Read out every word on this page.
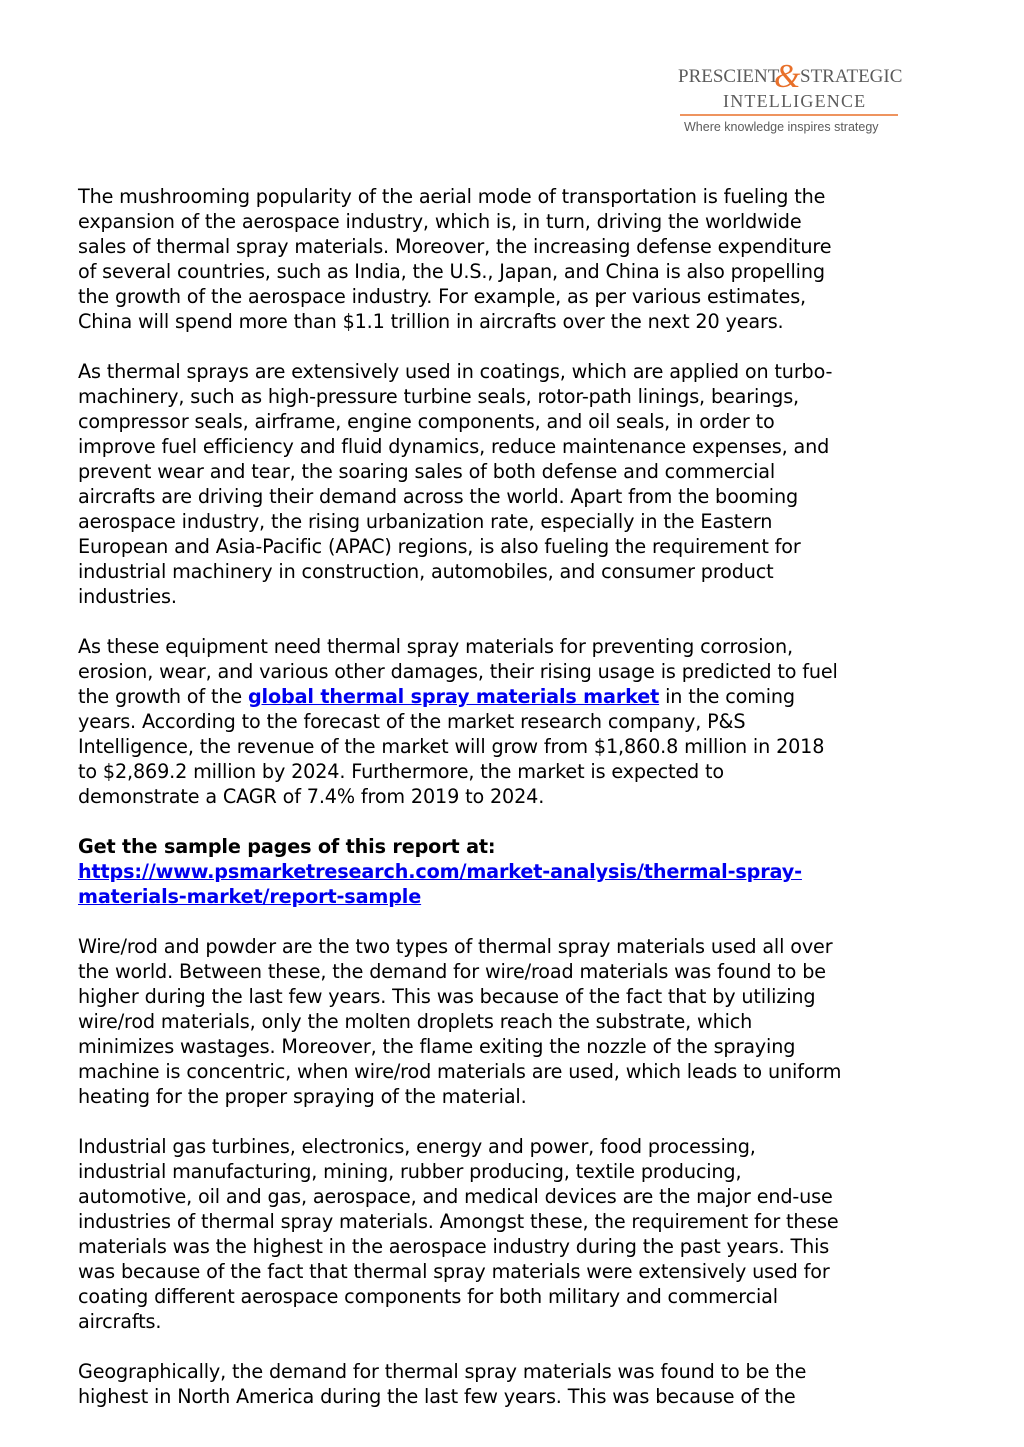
PRESCIENT
& STRATEGIC
INTELLIGENCE
Where knowledge inspires strategy

The mushrooming popularity of the aerial mode of transportation is fueling the
expansion of the aerospace industry, which is, in turn, driving the worldwide
sales of thermal spray materials. Moreover, the increasing defense expenditure
of several countries, such as India, the U.S., Japan, and China is also propelling
the growth of the aerospace industry. For example, as per various estimates,
China will spend more than $1.1 trillion in aircrafts over the next 20 years.

As thermal sprays are extensively used in coatings, which are applied on turbo-
machinery, such as high-pressure turbine seals, rotor-path linings, bearings,
compressor seals, airframe, engine components, and oil seals, in order to
improve fuel efficiency and fluid dynamics, reduce maintenance expenses, and
prevent wear and tear, the soaring sales of both defense and commercial
aircrafts are driving their demand across the world. Apart from the booming
aerospace industry, the rising urbanization rate, especially in the Eastern
European and Asia-Pacific (APAC) regions, is also fueling the requirement for
industrial machinery in construction, automobiles, and consumer product
industries.

As these equipment need thermal spray materials for preventing corrosion,
erosion, wear, and various other damages, their rising usage is predicted to fuel
the growth of the global thermal spray materials market in the coming
years. According to the forecast of the market research company, P&S
Intelligence, the revenue of the market will grow from $1,860.8 million in 2018
to $2,869.2 million by 2024. Furthermore, the market is expected to
demonstrate a CAGR of 7.4% from 2019 to 2024.

Get the sample pages of this report at:
https://www.psmarketresearch.com/market-analysis/thermal-spray-
materials-market/report-sample

Wire/rod and powder are the two types of thermal spray materials used all over
the world. Between these, the demand for wire/road materials was found to be
higher during the last few years. This was because of the fact that by utilizing
wire/rod materials, only the molten droplets reach the substrate, which
minimizes wastages. Moreover, the flame exiting the nozzle of the spraying
machine is concentric, when wire/rod materials are used, which leads to uniform
heating for the proper spraying of the material.

Industrial gas turbines, electronics, energy and power, food processing,
industrial manufacturing, mining, rubber producing, textile producing,
automotive, oil and gas, aerospace, and medical devices are the major end-use
industries of thermal spray materials. Amongst these, the requirement for these
materials was the highest in the aerospace industry during the past years. This
was because of the fact that thermal spray materials were extensively used for
coating different aerospace components for both military and commercial
aircrafts.

Geographically, the demand for thermal spray materials was found to be the
highest in North America during the last few years. This was because of the
